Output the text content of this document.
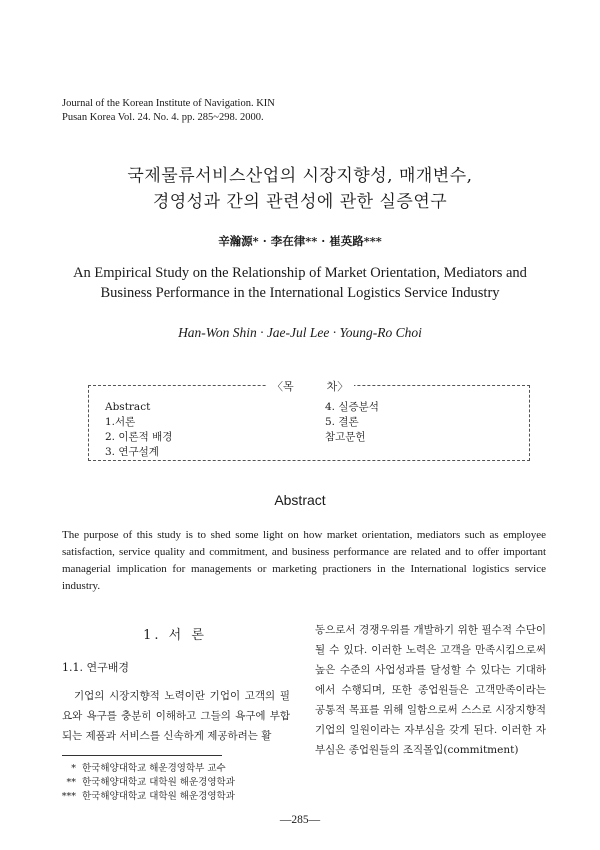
Journal of the Korean Institute of Navigation. KIN
Pusan Korea Vol. 24. No. 4. pp. 285~298. 2000.
국제물류서비스산업의 시장지향성, 매개변수,
경영성과 간의 관련성에 관한 실증연구
辛瀚源* · 李在律** · 崔英路***
An Empirical Study on the Relationship of Market Orientation, Mediators and
Business Performance in the International Logistics Service Industry
Han-Won Shin · Jae-Jul Lee · Young-Ro Choi
〈목　　　차〉
Abstract
1.서론
2. 이론적 배경
3. 연구설계
4. 실증분석
5. 결론
참고문헌
Abstract
The purpose of this study is to shed some light on how market orientation, mediators such as employee satisfaction, service quality and commitment, and business performance are related and to offer important managerial implication for managements or marketing practioners in the International logistics service industry.
1. 서 론
1.1. 연구배경
기업의 시장지향적 노력이란 기업이 고객의 필요와 욕구를 충분히 이해하고 그들의 욕구에 부합되는 제품과 서비스를 신속하게 제공하려는 활
동으로서 경쟁우위를 개발하기 위한 필수적 수단이 될 수 있다. 이러한 노력은 고객을 만족시킴으로써 높은 수준의 사업성과를 달성할 수 있다는 기대하에서 수행되며, 또한 종업원들은 고객만족이라는 공통적 목표를 위해 일함으로써 스스로 시장지향적 기업의 일원이라는 자부심을 갖게 된다. 이러한 자부심은 종업원들의 조직몰입(commitment)
* 한국해양대학교 해운경영학부 교수
** 한국해양대학교 대학원 해운경영학과
*** 한국해양대학교 대학원 해운경영학과
—285—
